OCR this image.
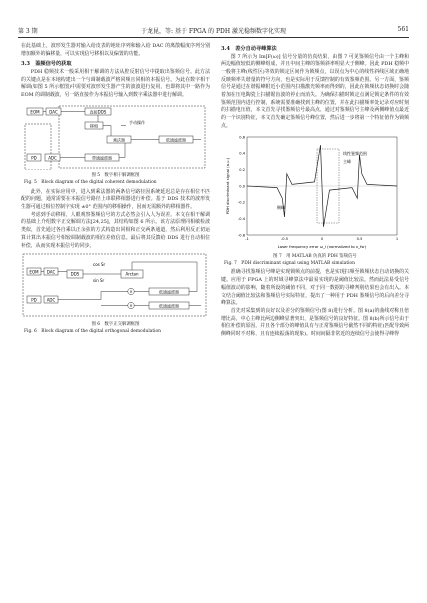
第 3 期	于龙昆，等: 基于 FPGA 的 PDH 激光稳频数字化实现	561

在此基础上，波形发生器对输入给皮表的地址序列和输入给 DAC 的离散幅度序列分别增加额外的偏移量，可以实现信号移相以及偏置的功能。

3.3　鉴频信号的获取

PDH 稳频技术一般采用相干解调的方法从腔反射信号中提取出鉴频信号。此方法的关键点是在本地构建出一个与调制载波严格同频且同相的本振信号。为此在数字相干解调(如图 5 所示框图)中需要对波形发生器产生的波波进行复用，也即将其中一路作为 EOM 的调制载波，另一路直接作为本振信号输入到数字乘法器中进行解调。

EOM DAC
PD	ADC
直接DDS
移相
手动操作
乘法器	低通滤波器
带通滤波器
图 5　数字相干解调框图
Fig. 5　Block diagram of the digital coherent demodulation

此外，在实际应用中，进入到乘法器的两条信号路径因系统延迟总是存在相位不匹配的问题，通常需要在本振信号路径上串联移相器进行补偿。基于 DDS 技术的波形发生器可通过相位控制字实现 ±0° 范围内的移相操作，因而无需额外的移相器件。

考虑到手动移相，人眼观察鉴频信号的方式必然会引入人为误差。本文在相干解调的基础上介绍数字正交解调方法[24,25]，其结构如图 6 所示。该方法原理同相敏检波类似，首先通过各自乘以正余弦的方式构造出同相和正交两条通道，然后利用反正切运算计算出本振信号相较调制载波的相位差值信息。最后将其反馈给 DDS 进行自动相位补偿，从而实现本振信号的同步。

EOM DAC
ADC
PD
cos Sr
sin Sr
Arctan
DDS
低通滤波器
低通滤波器
×
×
图 6　数字正交解调框图
Fig. 6　Block diagram of the digital orthogonal demodulation
3.4　差分自动寻峰算法

图 7 所示为 Im[F(ω)] 信号分量的仿真结果，由图 7 可见鉴频信号由一个主峰和两边幅值较低的侧峰组成，并且中间主峰的鉴频斜率明显大于侧峰。因此 PDH 稳频中一般将主峰(线性区)等效的锁定区间作为锁频点，以误点为中心的线性斜线区域正确地反映频率失谐量的符号方向，也是实际用于反馈控制的有效鉴频范围。另一方面，鉴频信号是通过在谐振峰附近小范围内扫描激光频率而得到的，因此在锁频状态切换时会随着加在压电陶瓷上扫描锯齿波的停止而消失。为确保扫描时锁定点满足锁定条件的有效鉴频范围内进行控制，系统需要准确找到主峰的位置，并在此扫描频率处记录对应时刻的扫描电压值，本文首先寻找鉴频信号最高点，通过对鉴频信号主峰及两侧峰值点最近的一个识别特征，本文首先确定鉴频信号峰位置，然后进一步将第一个特征值作为锁频点。

-0.6
-0.4
-0.2
0.0
0.2
0.4
0.6
-1	-0.5	0	0.5	1
线性鉴频范围
侧峰
主峰
PDH discriminant signal (a.u.)
Laser frequency error ω_l (normalized to ν_fsr)
图 7　用 MATLAB 仿真的 PDH 鉴频信号
Fig. 7　PDH discriminant signal using MATLAB simulation

准确寻找鉴频信号峰是实现锁频点的前提，也是实现扫频至锁频状态自动切换的关键。应用于 FPGA 上的时域寻峰算法中最易实现的是阈值比较法。然而此法易受信号幅值波动的影响，随着所设的阈值不同，对于同一数据的寻峰判别结果也会有出入。本文结合阈值比较法和鉴频信号实际特征，提出了一种用于 PDH 鉴频信号的后向差分寻峰算法。

首先对采集到的良好以及差分的鉴频信号(图 8)进行分析。图 8(a)的曲线对称且倍增比高，中心主峰比两边侧峰显著突出，是鉴频信号的良好特征。图 8(b)所示信号由于相位补偿的原因，并且各个部分的峰值具有与正常鉴频信号截然不同的特征(匹配导致两侧峰同时不对称，且有连续振荡的现象)。时间间隔非常近的连续信号会使得寻峰得
